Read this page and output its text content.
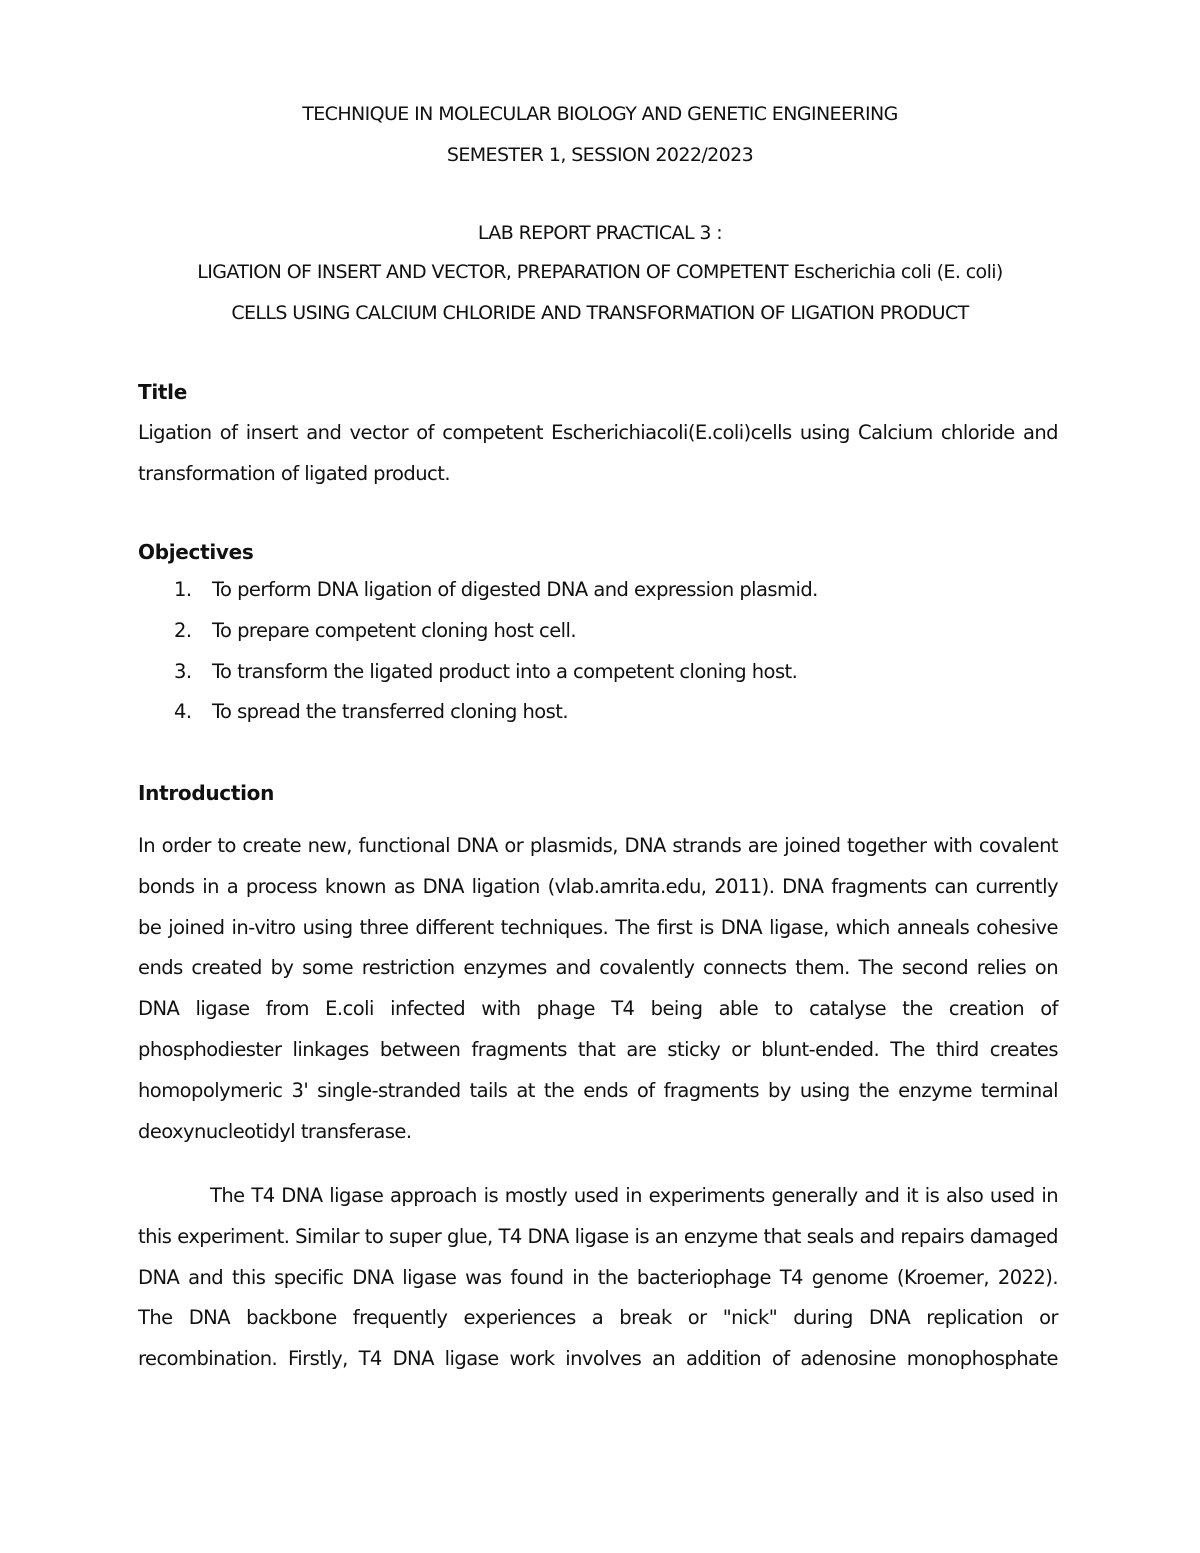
TECHNIQUE IN MOLECULAR BIOLOGY AND GENETIC ENGINEERING
SEMESTER 1, SESSION 2022/2023
LAB REPORT PRACTICAL 3 :
LIGATION OF INSERT AND VECTOR, PREPARATION OF COMPETENT Escherichia coli (E. coli)
CELLS USING CALCIUM CHLORIDE AND TRANSFORMATION OF LIGATION PRODUCT
Title
Ligation of insert and vector of competent Escherichiacoli(E.coli)cells using Calcium chloride and
transformation of ligated product.
Objectives
1. To perform DNA ligation of digested DNA and expression plasmid.
2. To prepare competent cloning host cell.
3. To transform the ligated product into a competent cloning host.
4. To spread the transferred cloning host.
Introduction
In order to create new, functional DNA or plasmids, DNA strands are joined together with covalent
bonds in a process known as DNA ligation (vlab.amrita.edu, 2011). DNA fragments can currently
be joined in-vitro using three different techniques. The first is DNA ligase, which anneals cohesive
ends created by some restriction enzymes and covalently connects them. The second relies on
DNA ligase from E.coli infected with phage T4 being able to catalyse the creation of
phosphodiester linkages between fragments that are sticky or blunt-ended. The third creates
homopolymeric 3' single-stranded tails at the ends of fragments by using the enzyme terminal
deoxynucleotidyl transferase.
The T4 DNA ligase approach is mostly used in experiments generally and it is also used in
this experiment. Similar to super glue, T4 DNA ligase is an enzyme that seals and repairs damaged
DNA and this specific DNA ligase was found in the bacteriophage T4 genome (Kroemer, 2022).
The DNA backbone frequently experiences a break or "nick" during DNA replication or
recombination. Firstly, T4 DNA ligase work involves an addition of adenosine monophosphate
